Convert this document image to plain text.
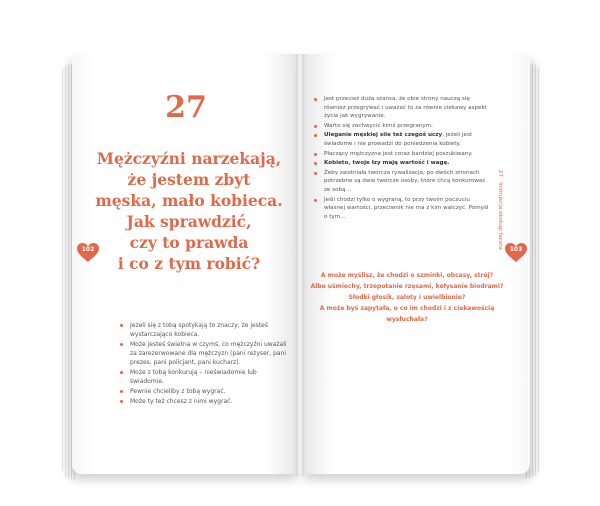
27
Mężczyźni narzekają,
że jestem zbyt
męska, mało kobieca.
Jak sprawdzić,
czy to prawda
i co z tym robić?
102
Jeżeli się z tobą spotykają to znaczy, że jesteś wystarczająco kobieca.
Może jesteś świetna w czymś, co mężczyźni uważali za zarezerwowane dla mężczyzn (pani reżyser, pani prezes, pani policjant, pani kucharz).
Może z tobą konkurują – nieświadomie lub świadomie.
Pewnie chcieliby z tobą wygrać.
Może ty też chcesz z nimi wygrać.
Jest przecież duża szansa, że obie strony nauczą się również przegrywać i uważać to za równie ciekawy aspekt życia jak wygrywanie.
Warto się zachwycić kimś przegranym.
Uleganie męskiej sile też czegoś uczy, jeżeli jest świadome i nie prowadzi do poniedzenia kobiety.
Płaczący mężczyzna jest coraz bardziej poszukiwany.
Kobieto, twoje łzy mają wartość i wagę.
Żeby zaistniała twórcza rywalizacja, po dwóch stronach potrzebne są dwie twórcze osoby, które chcą konkurować ze sobą…
Jeśli chodzi tylko o wygraną, to przy twoim poczuciu własnej wartości, przeciwnik nie ma z kim walczyć. Pomyśl o tym…
27   Instrukcja obsługi faceta	103
A może myślisz, że chodzi o szminki, obcasy, strój?
Albo uśmiechy, trzepotanie rzęsami, kołysanie biodrami?
Słodki głosik, zaloty i uwielbienie?
A może byś zapytała, o co im chodzi i z ciekawością
wysłuchała?
